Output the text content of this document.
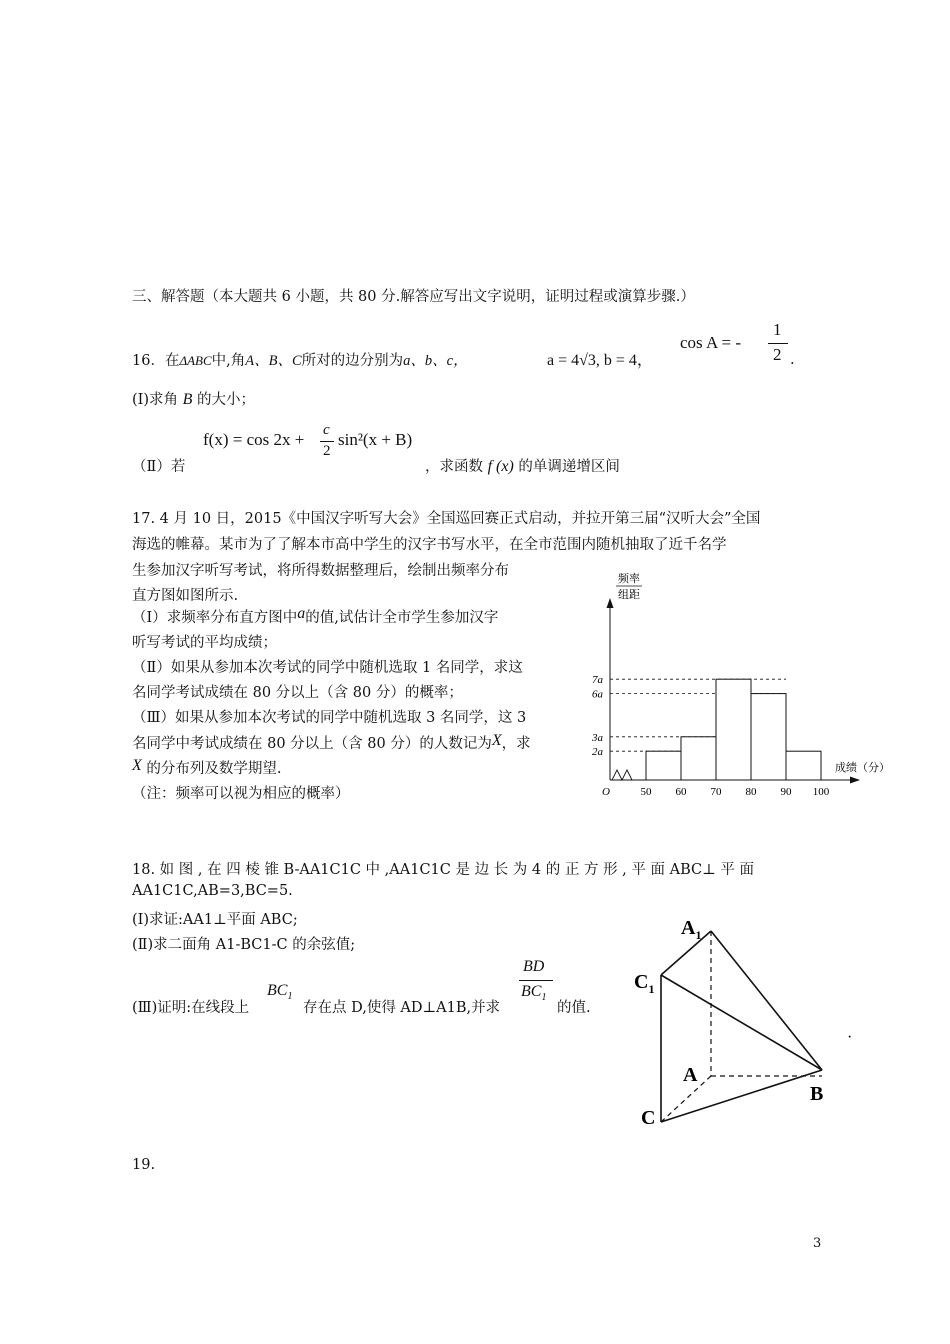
三、解答题（本大题共 6 小题，共 80 分.解答应写出文字说明，证明过程或演算步骤.）
16．在ΔABC中,角A、B、C所对的边分别为a、b、c，	a = 4√3, b = 4，
cos A = -
1
2 .
(Ⅰ)求角 B 的大小；
（Ⅱ）若
f(x) = cos 2x + c
2
sin²(x + B)
，求函数 f (x) 的单调递增区间
17. 4 月 10 日，2015《中国汉字听写大会》全国巡回赛正式启动，并拉开第三届“汉听大会”全国
海选的帷幕。某市为了了解本市高中学生的汉字书写水平，在全市范围内随机抽取了近千名学
生参加汉字听写考试，将所得数据整理后，绘制出频率分布
直方图如图所示.
（Ⅰ）求频率分布直方图中a的值,试估计全市学生参加汉字
听写考试的平均成绩；
（Ⅱ）如果从参加本次考试的同学中随机选取 1 名同学，求这
名同学考试成绩在 80 分以上（含 80 分）的概率；
（Ⅲ）如果从参加本次考试的同学中随机选取 3 名同学，这 3
名同学中考试成绩在 80 分以上（含 80 分）的人数记为X，求
X 的分布列及数学期望.
（注：频率可以视为相应的概率）
频率
组距
O
成绩（分）
2a
3a
6a
7a
50 60 70 80 90 100
18. 如 图 , 在 四 棱 锥 B-AA1C1C 中 ,AA1C1C 是 边 长 为 4 的 正 方 形 , 平 面 ABC⊥ 平 面
AA1C1C,AB=3,BC=5.
(Ⅰ)求证:AA1⊥平面 ABC;
(Ⅱ)求二面角 A1-BC1-C 的余弦值;
(Ⅲ)证明:在线段上
$BC_1$
存在点 D,使得 AD⊥A1B,并求
BD
$BC_1$
的值.
$A_1$
$C_1$
A
B
C
·
19.
3
